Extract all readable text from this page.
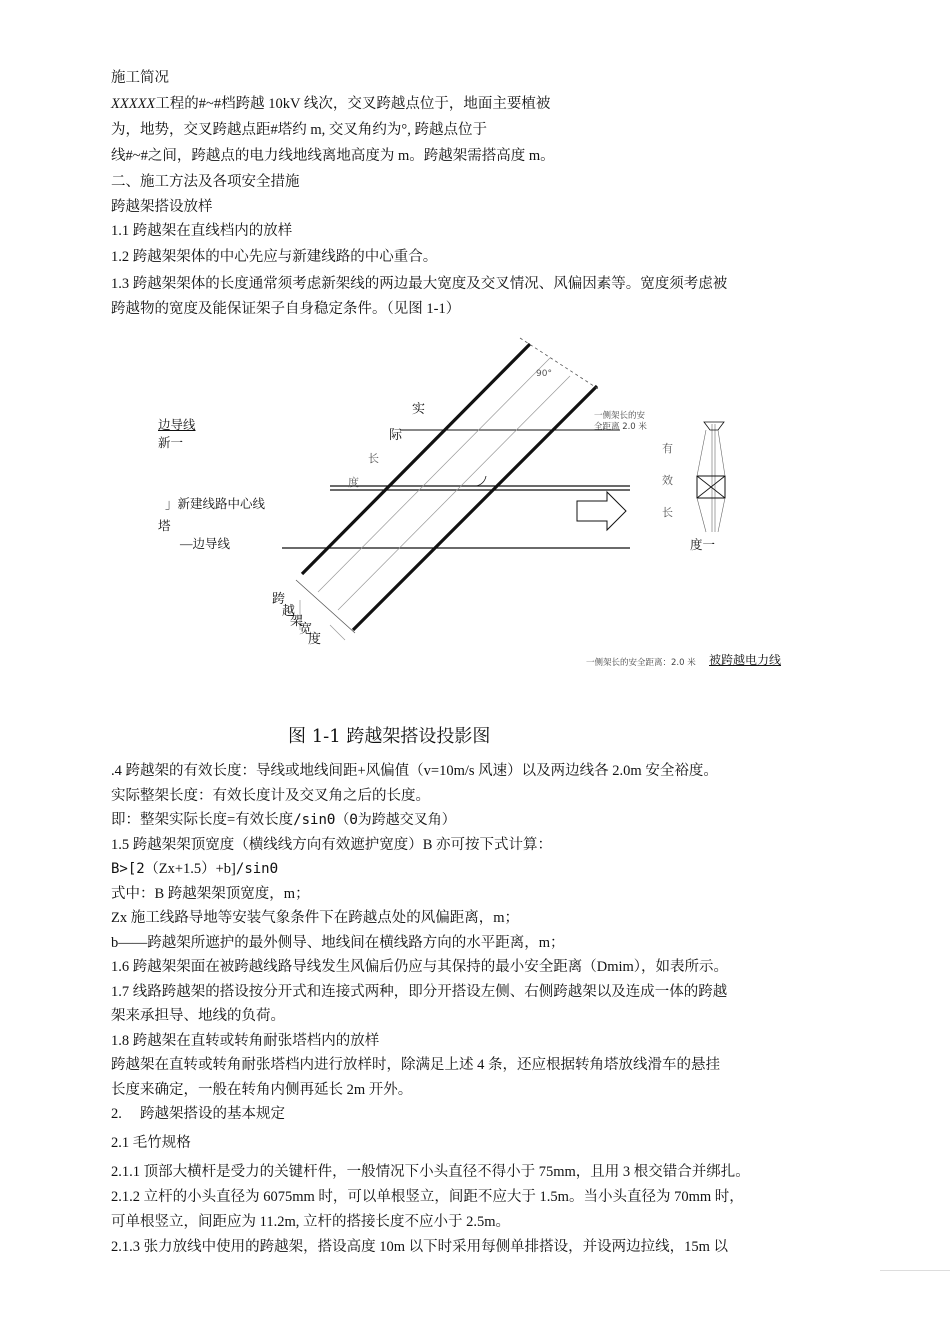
施工简况
XXXXX工程的#~#档跨越 10kV 线次，交叉跨越点位于，地面主要植被
为，地势，交叉跨越点距#塔约 m, 交叉角约为°, 跨越点位于
线#~#之间，跨越点的电力线地线离地高度为 m。跨越架需搭高度 m。
二、施工方法及各项安全措施
跨越架搭设放样
1.1 跨越架在直线档内的放样
1.2 跨越架架体的中心先应与新建线路的中心重合。
1.3 跨越架架体的长度通常须考虑新架线的两边最大宽度及交叉情况、风偏因素等。宽度须考虑被
跨越物的宽度及能保证架子自身稳定条件。（见图 1-1）
90°
边导线
新一
」新建线路中心线
塔
—边导线
实
际
长
度
跨
越
架
宽
度
一侧架长的安
全距离 2.0 米
有
效
长
度一
一侧架长的安全距离：2.0 米 被跨越电力线
图 1-1 跨越架搭设投影图
.4 跨越架的有效长度：导线或地线间距+风偏值（v=10m/s 风速）以及两边线各 2.0m 安全裕度。
实际整架长度：有效长度计及交叉角之后的长度。
即：整架实际长度=有效长度/sinΘ（Θ为跨越交叉角）
1.5 跨越架架顶宽度（横线线方向有效遮护宽度）B 亦可按下式计算：
B>[2（Zx+1.5）+b]/sinΘ
式中：B 跨越架架顶宽度，m；
Zx 施工线路导地等安装气象条件下在跨越点处的风偏距离，m；
b——跨越架所遮护的最外侧导、地线间在横线路方向的水平距离，m；
1.6 跨越架架面在被跨越线路导线发生风偏后仍应与其保持的最小安全距离（Dmim），如表所示。
1.7 线路跨越架的搭设按分开式和连接式两种，即分开搭设左侧、右侧跨越架以及连成一体的跨越
架来承担导、地线的负荷。
1.8 跨越架在直转或转角耐张塔档内的放样
跨越架在直转或转角耐张塔档内进行放样时，除满足上述 4 条，还应根据转角塔放线滑车的悬挂
长度来确定，一般在转角内侧再延长 2m 开外。
2.     跨越架搭设的基本规定
2.1 毛竹规格
2.1.1 顶部大横杆是受力的关键杆件，一般情况下小头直径不得小于 75mm，且用 3 根交错合并绑扎。
2.1.2 立杆的小头直径为 6075mm 时，可以单根竖立，间距不应大于 1.5m。当小头直径为 70mm 时，
可单根竖立，间距应为 11.2m, 立杆的搭接长度不应小于 2.5m。
2.1.3 张力放线中使用的跨越架，搭设高度 10m 以下时采用每侧单排搭设，并设两边拉线，15m 以
